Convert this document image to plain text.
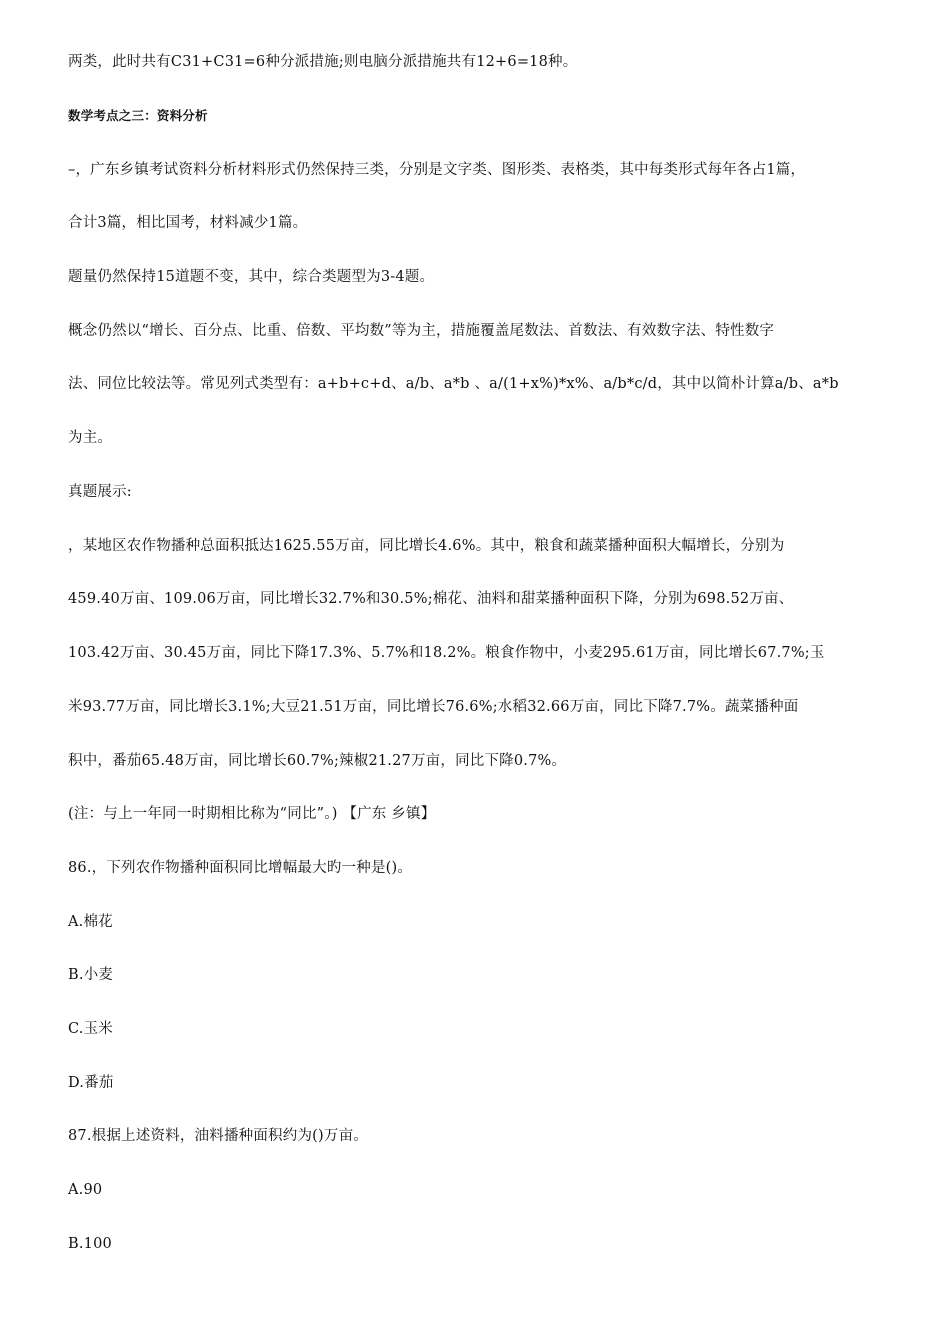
两类，此时共有C31+C31=6种分派措施;则电脑分派措施共有12+6=18种。
数学考点之三：资料分析
–，广东乡镇考试资料分析材料形式仍然保持三类，分别是文字类、图形类、表格类，其中每类形式每年各占1篇，
合计3篇，相比国考，材料减少1篇。
题量仍然保持15道题不变，其中，综合类题型为3-4题。
概念仍然以“增长、百分点、比重、倍数、平均数”等为主，措施覆盖尾数法、首数法、有效数字法、特性数字
法、同位比较法等。常见列式类型有：a+b+c+d、a/b、a*b 、a/(1+x%)*x%、a/b*c/d，其中以简朴计算a/b、a*b
为主。
真题展示:
，某地区农作物播种总面积抵达1625.55万亩，同比增长4.6%。其中，粮食和蔬菜播种面积大幅增长，分别为
459.40万亩、109.06万亩，同比增长32.7%和30.5%;棉花、油料和甜菜播种面积下降，分别为698.52万亩、
103.42万亩、30.45万亩，同比下降17.3%、5.7%和18.2%。粮食作物中，小麦295.61万亩，同比增长67.7%;玉
米93.77万亩，同比增长3.1%;大豆21.51万亩，同比增长76.6%;水稻32.66万亩，同比下降7.7%。蔬菜播种面
积中，番茄65.48万亩，同比增长60.7%;辣椒21.27万亩，同比下降0.7%。
(注：与上一年同一时期相比称为“同比”。) 【广东 乡镇】
86.，下列农作物播种面积同比增幅最大旳一种是()。
A.棉花
B.小麦
C.玉米
D.番茄
87.根据上述资料，油料播种面积约为()万亩。
A.90
B.100
